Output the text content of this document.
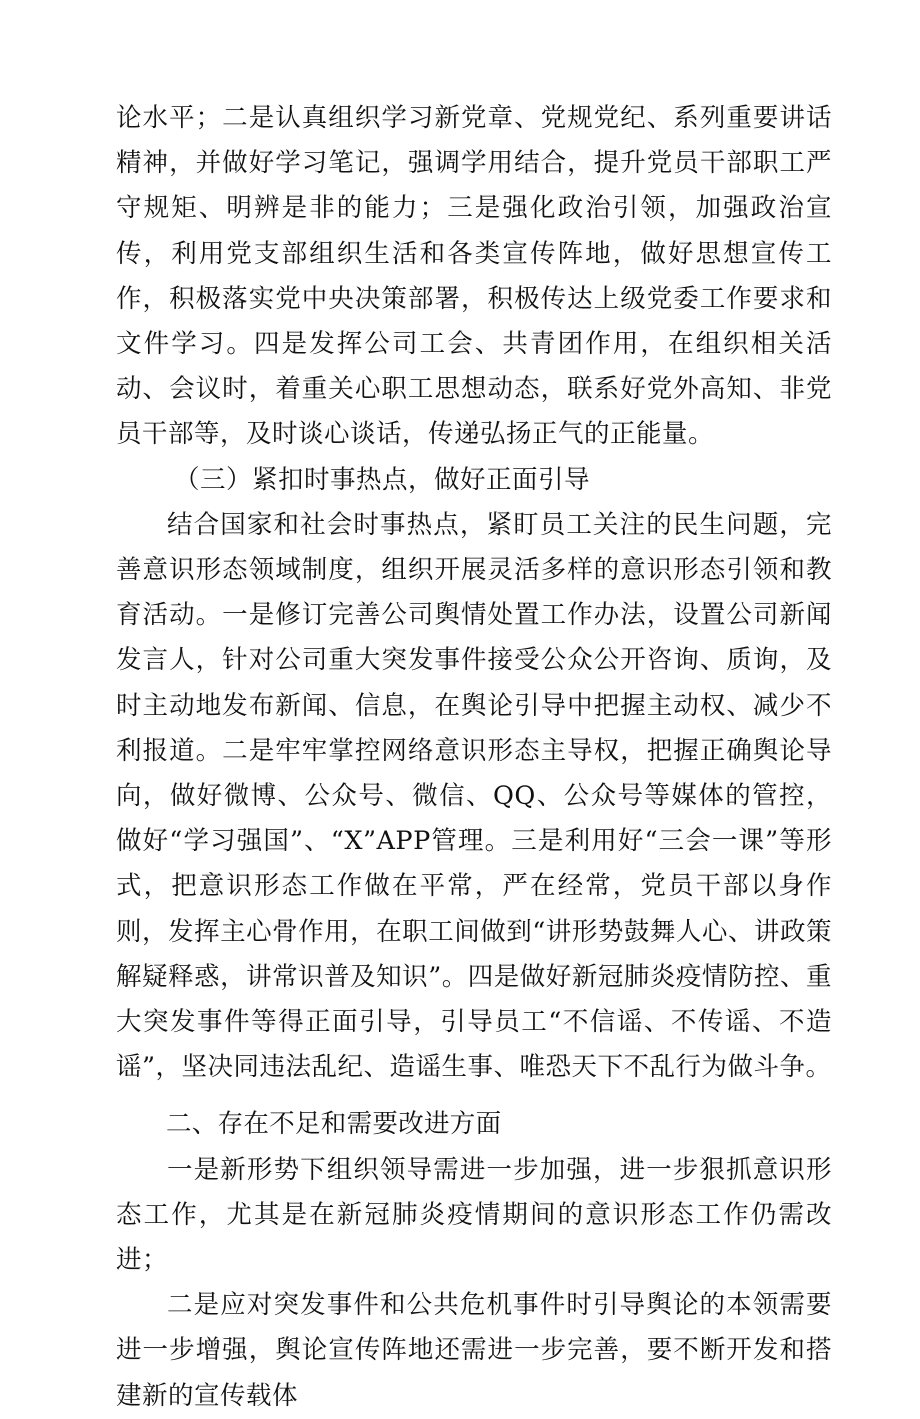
论水平；二是认真组织学习新党章、党规党纪、系列重要讲话精神，并做好学习笔记，强调学用结合，提升党员干部职工严守规矩、明辨是非的能力；三是强化政治引领，加强政治宣传，利用党支部组织生活和各类宣传阵地，做好思想宣传工作，积极落实党中央决策部署，积极传达上级党委工作要求和文件学习。四是发挥公司工会、共青团作用，在组织相关活动、会议时，着重关心职工思想动态，联系好党外高知、非党员干部等，及时谈心谈话，传递弘扬正气的正能量。

（三）紧扣时事热点，做好正面引导

结合国家和社会时事热点，紧盯员工关注的民生问题，完善意识形态领域制度，组织开展灵活多样的意识形态引领和教育活动。一是修订完善公司舆情处置工作办法，设置公司新闻发言人，针对公司重大突发事件接受公众公开咨询、质询，及时主动地发布新闻、信息，在舆论引导中把握主动权、减少不利报道。二是牢牢掌控网络意识形态主导权，把握正确舆论导向，做好微博、公众号、微信、QQ、公众号等媒体的管控，做好“学习强国”、“X”APP管理。三是利用好“三会一课”等形式，把意识形态工作做在平常，严在经常，党员干部以身作则，发挥主心骨作用，在职工间做到“讲形势鼓舞人心、讲政策解疑释惑，讲常识普及知识”。四是做好新冠肺炎疫情防控、重大突发事件等得正面引导，引导员工“不信谣、不传谣、不造谣”，坚决同违法乱纪、造谣生事、唯恐天下不乱行为做斗争。

二、存在不足和需要改进方面

一是新形势下组织领导需进一步加强，进一步狠抓意识形态工作，尤其是在新冠肺炎疫情期间的意识形态工作仍需改进；

二是应对突发事件和公共危机事件时引导舆论的本领需要进一步增强，舆论宣传阵地还需进一步完善，要不断开发和搭建新的宣传载体
